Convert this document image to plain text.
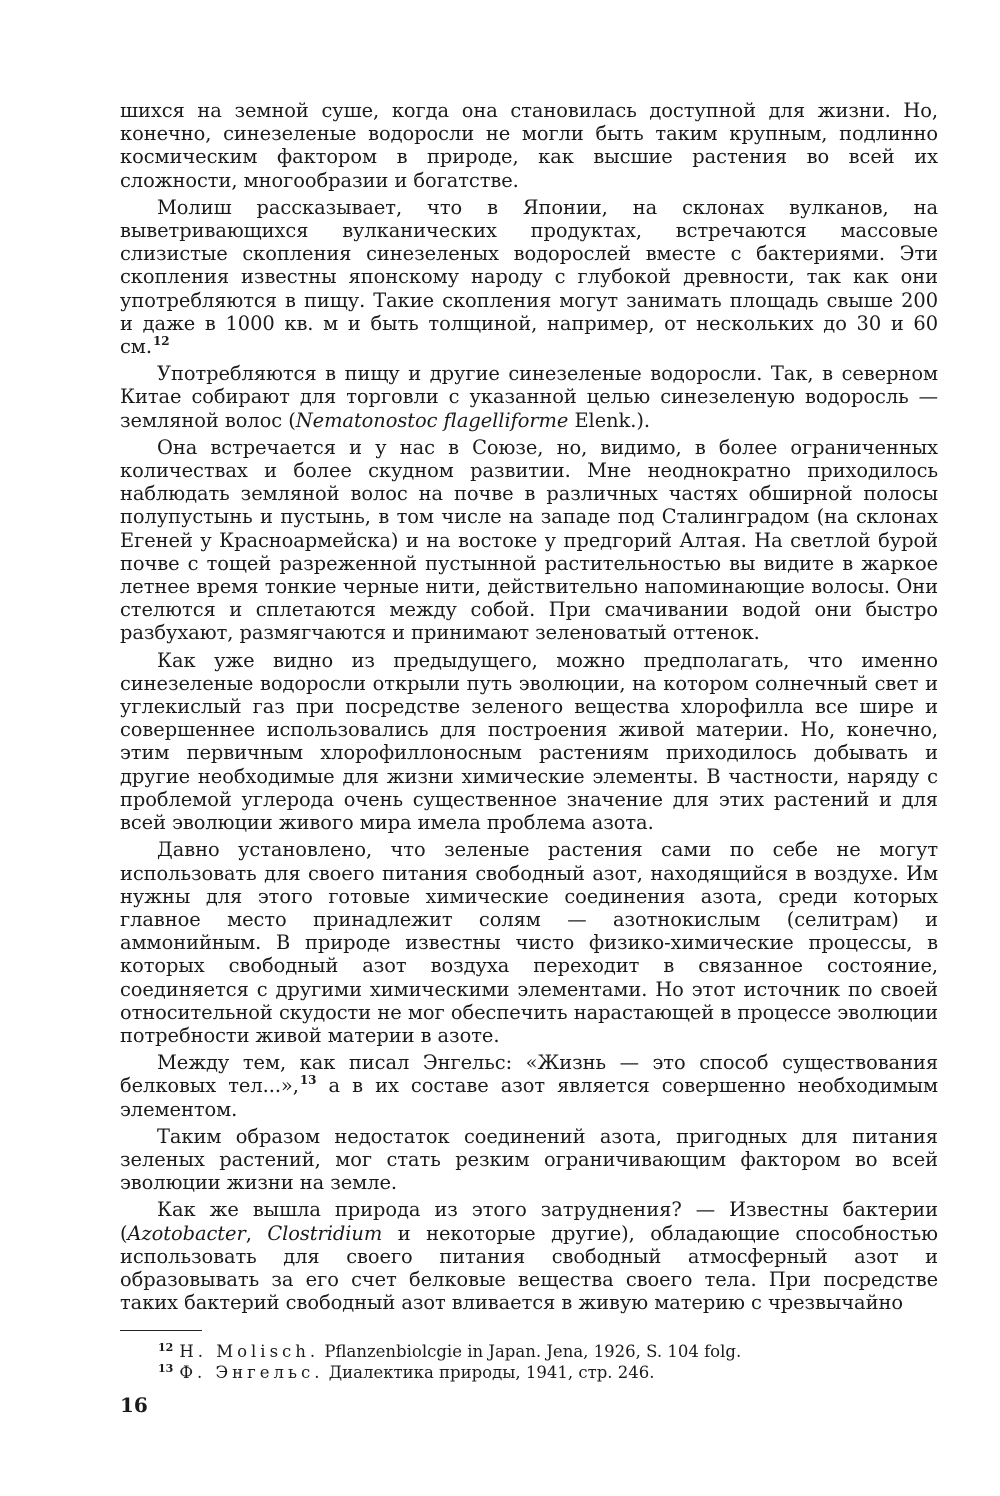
шихся на земной суше, когда она становилась доступной для жизни. Но, конечно, синезеленые водоросли не могли быть таким крупным, подлинно космическим фактором в природе, как высшие растения во всей их сложности, многообразии и богатстве.

Молиш рассказывает, что в Японии, на склонах вулканов, на выветривающихся вулканических продуктах, встречаются массовые слизистые скопления синезеленых водорослей вместе с бактериями. Эти скопления известны японскому народу с глубокой древности, так как они употребляются в пищу. Такие скопления могут занимать площадь свыше 200 и даже в 1000 кв. м и быть толщиной, например, от нескольких до 30 и 60 см.$^{12}$

Употребляются в пищу и другие синезеленые водоросли. Так, в северном Китае собирают для торговли с указанной целью синезеленую водоросль — земляной волос (Nematonostoc flagelliforme Elenk.).

Она встречается и у нас в Союзе, но, видимо, в более ограниченных количествах и более скудном развитии. Мне неоднократно приходилось наблюдать земляной волос на почве в различных частях обширной полосы полупустынь и пустынь, в том числе на западе под Сталинградом (на склонах Егеней у Красноармейска) и на востоке у предгорий Алтая. На светлой бурой почве с тощей разреженной пустынной растительностью вы видите в жаркое летнее время тонкие черные нити, действительно напоминающие волосы. Они стелются и сплетаются между собой. При смачивании водой они быстро разбухают, размягчаются и принимают зеленоватый оттенок.

Как уже видно из предыдущего, можно предполагать, что именно синезеленые водоросли открыли путь эволюции, на котором солнечный свет и углекислый газ при посредстве зеленого вещества хлорофилла все шире и совершеннее использовались для построения живой материи. Но, конечно, этим первичным хлорофиллоносным растениям приходилось добывать и другие необходимые для жизни химические элементы. В частности, наряду с проблемой углерода очень существенное значение для этих растений и для всей эволюции живого мира имела проблема азота.

Давно установлено, что зеленые растения сами по себе не могут использовать для своего питания свободный азот, находящийся в воздухе. Им нужны для этого готовые химические соединения азота, среди которых главное место принадлежит солям — азотнокислым (селитрам) и аммонийным. В природе известны чисто физико-химические процессы, в которых свободный азот воздуха переходит в связанное состояние, соединяется с другими химическими элементами. Но этот источник по своей относительной скудости не мог обеспечить нарастающей в процессе эволюции потребности живой материи в азоте.

Между тем, как писал Энгельс: «Жизнь — это способ существования белковых тел...»,$^{13}$ а в их составе азот является совершенно необходимым элементом.

Таким образом недостаток соединений азота, пригодных для питания зеленых растений, мог стать резким ограничивающим фактором во всей эволюции жизни на земле.

Как же вышла природа из этого затруднения? — Известны бактерии (Azotobacter, Clostridium и некоторые другие), обладающие способностью использовать для своего питания свободный атмосферный азот и образовывать за его счет белковые вещества своего тела. При посредстве таких бактерий свободный азот вливается в живую материю с чрезвычайно

$^{12}$ H. Molisch. Pflanzenbiolcgie in Japan. Jena, 1926, S. 104 folg.

$^{13}$ Ф. Энгельс. Диалектика природы, 1941, стр. 246.

16
